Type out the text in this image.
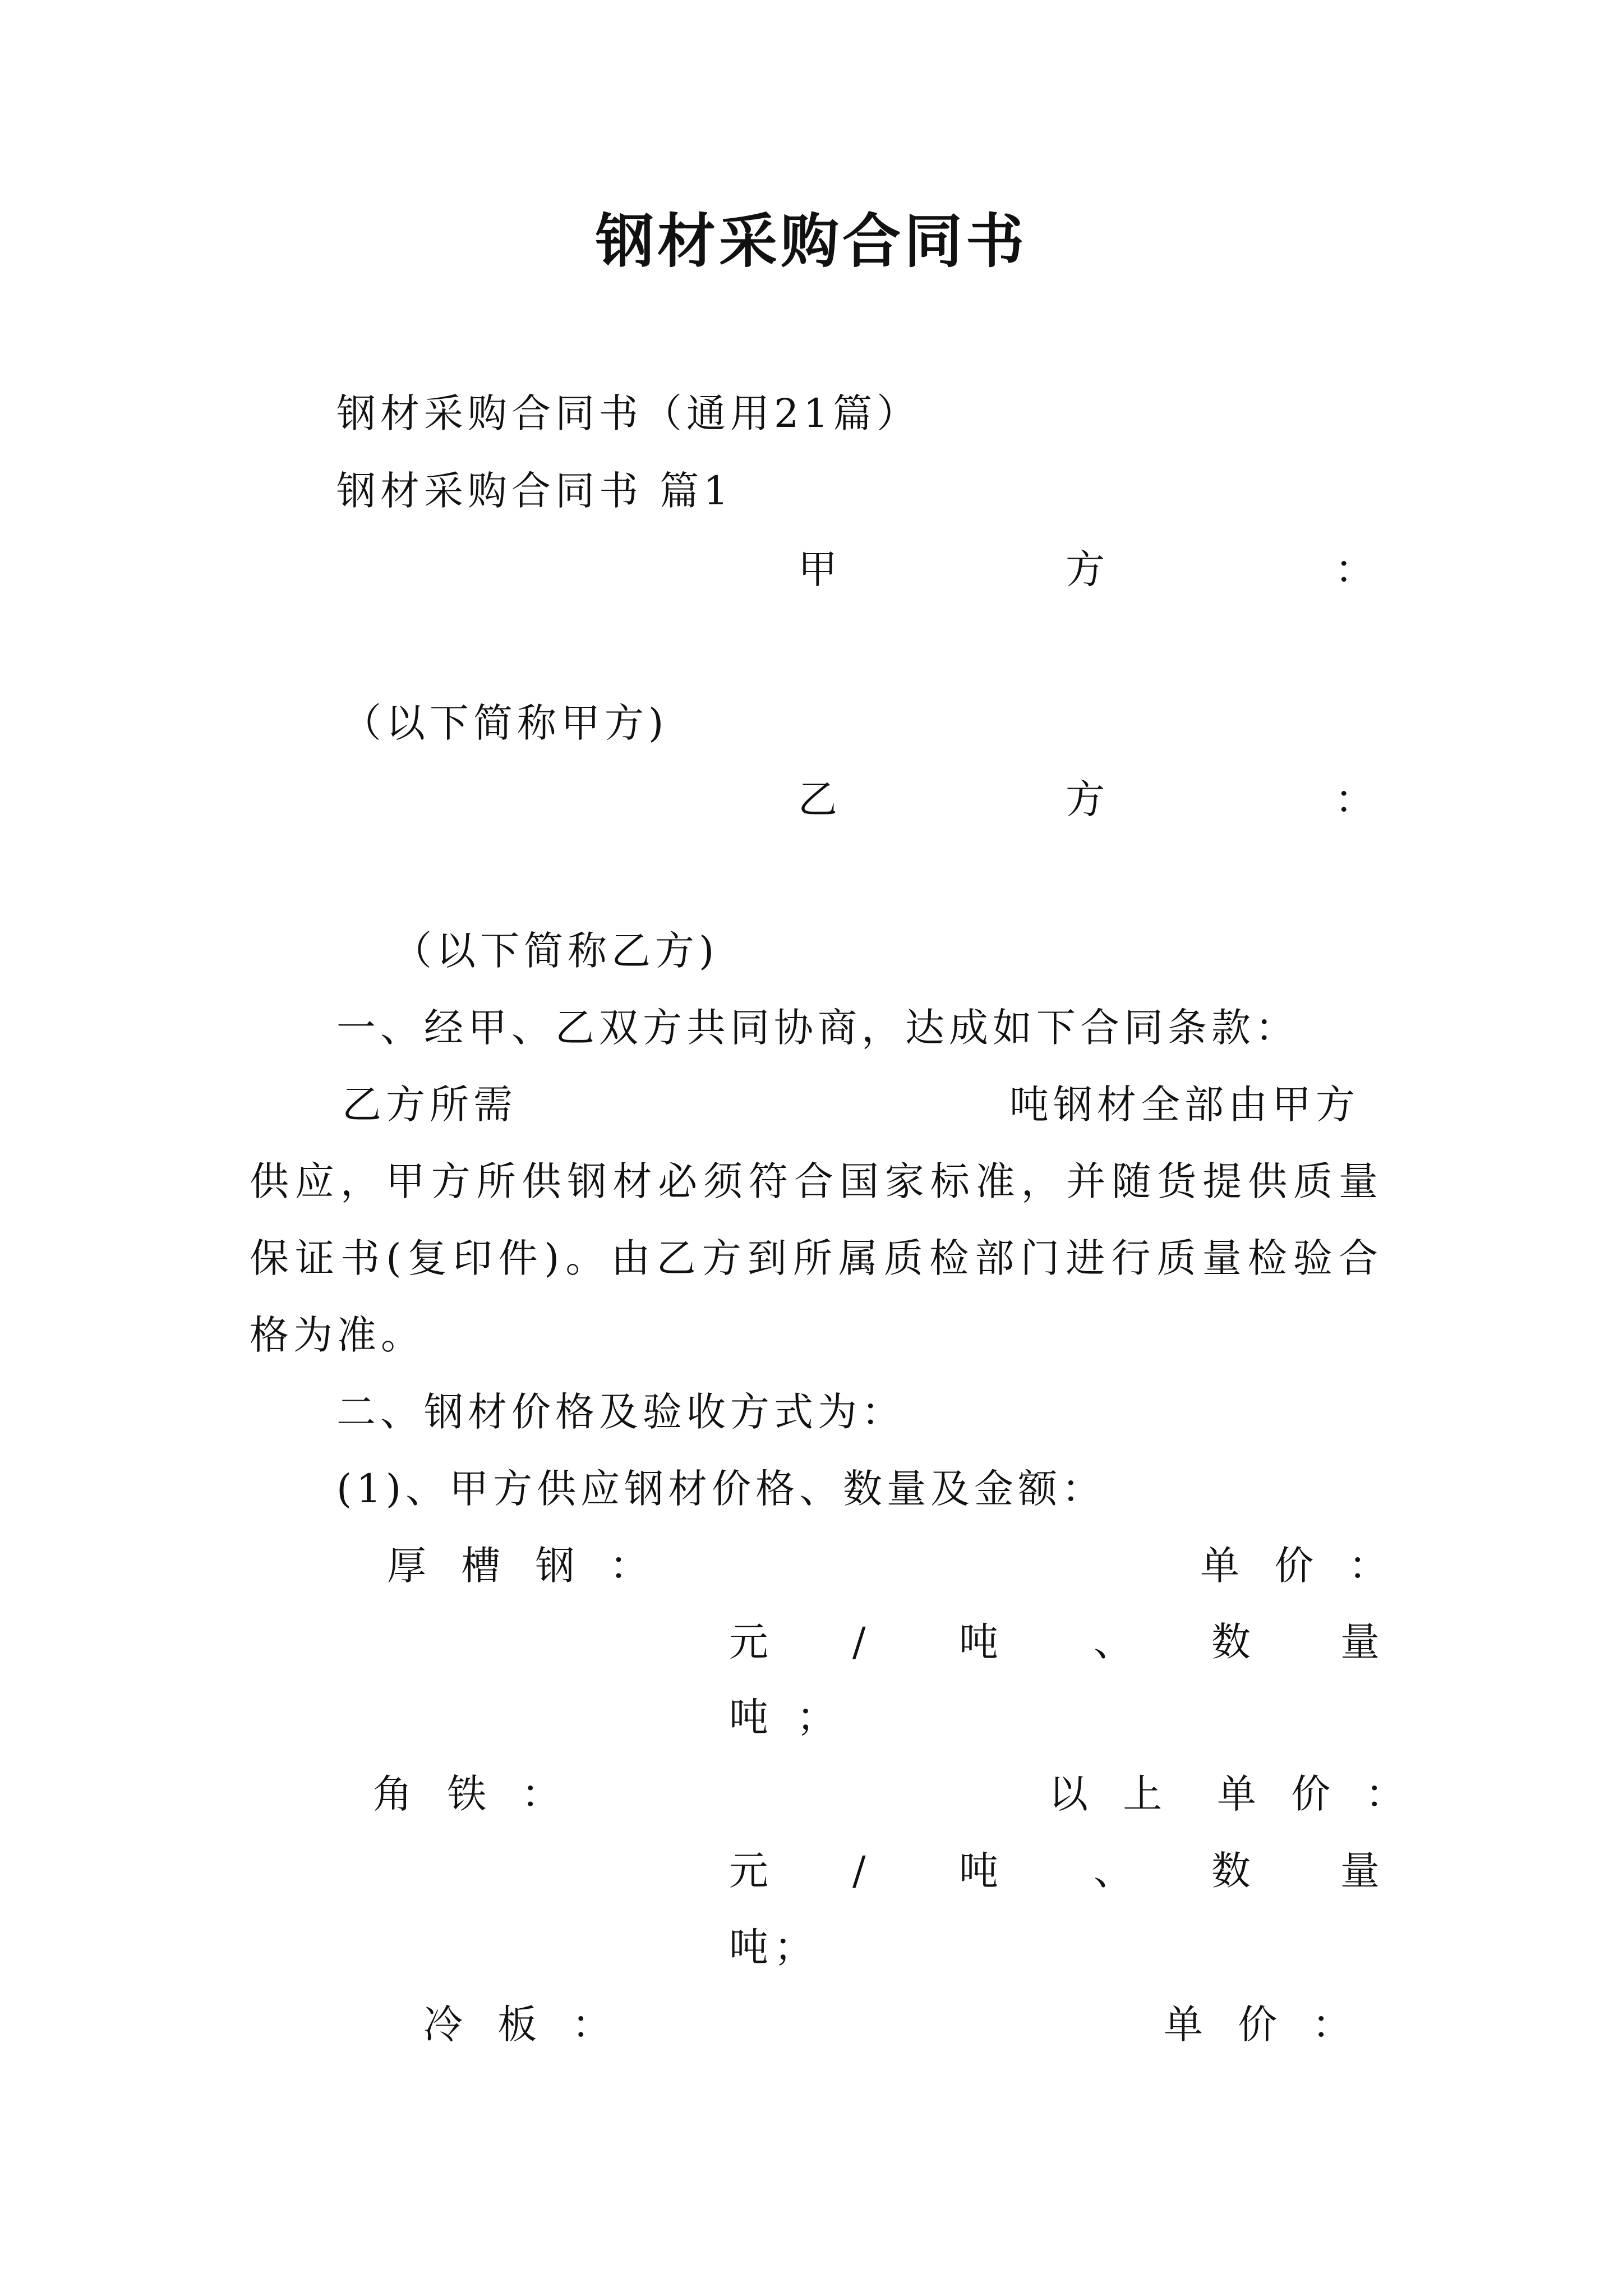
钢材采购合同书
钢材采购合同书（通用21篇）
钢材采购合同书 篇1
甲	方	：
（以下简称甲方)
乙	方	：
（以下简称乙方)
一、经甲、乙双方共同协商，达成如下合同条款：
乙方所需	吨钢材全部由甲方
供应，甲方所供钢材必须符合国家标准，并随货提供质量保证书(复印件)。由乙方到所属质检部门进行质量检验合格为准。
二、钢材价格及验收方式为：
(1)、甲方供应钢材价格、数量及金额：
厚 槽 钢 ：	单 价 ：
元 / 吨 、 数 量
吨 ；
角 铁 ：	以 上 单 价 ：
元 / 吨 、 数 量
吨；
冷 板 ：	单 价 ：
